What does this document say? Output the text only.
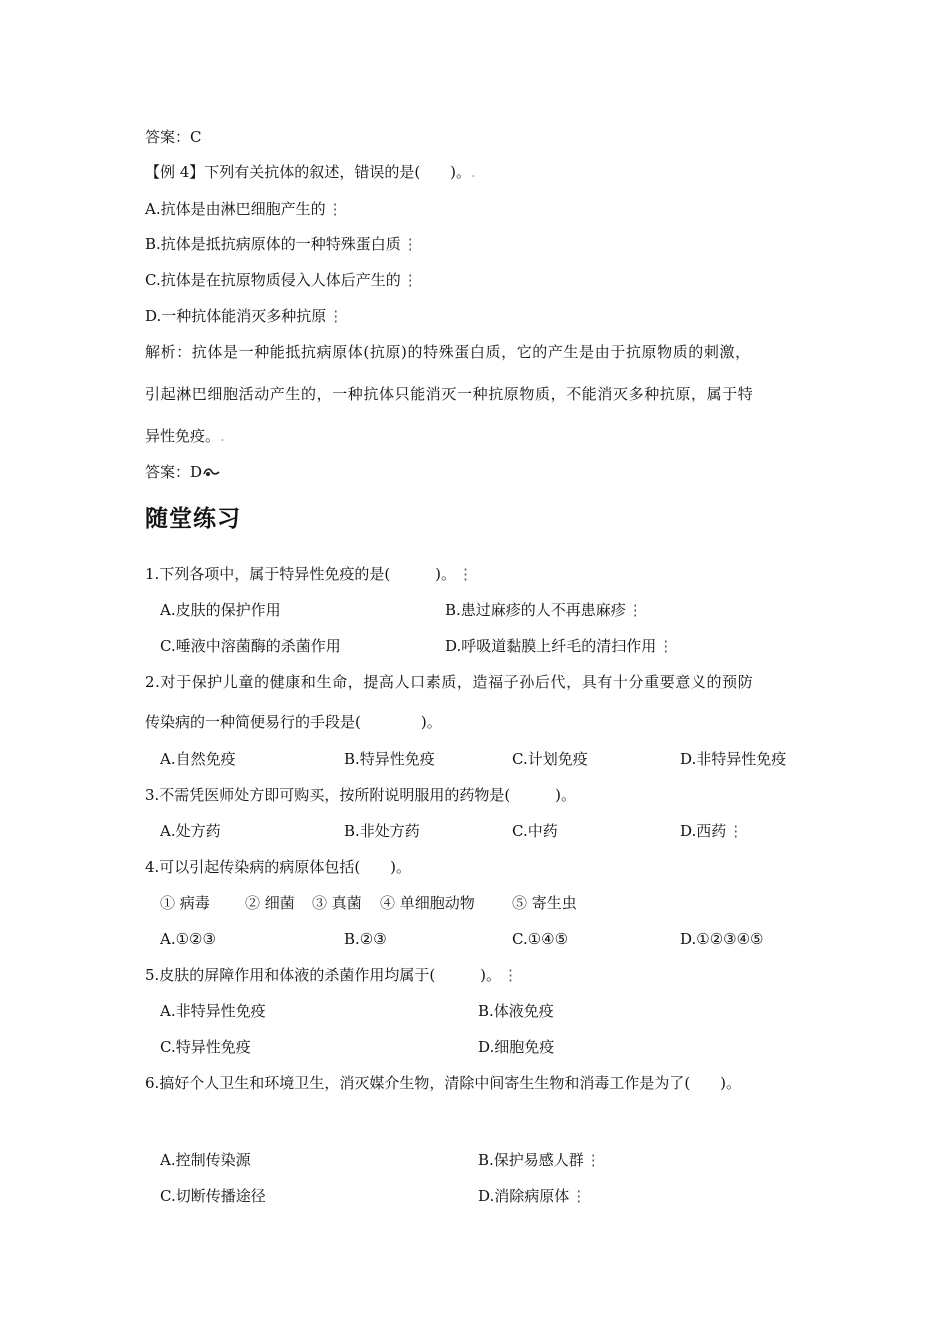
答案：C
【例 4】下列有关抗体的叙述，错误的是(　　)。.
A.抗体是由淋巴细胞产生的 ⋮
B.抗体是抵抗病原体的一种特殊蛋白质 ⋮
C.抗体是在抗原物质侵入人体后产生的 ⋮
D.一种抗体能消灭多种抗原 ⋮
解析：抗体是一种能抵抗病原体(抗原)的特殊蛋白质，它的产生是由于抗原物质的刺激，
引起淋巴细胞活动产生的，一种抗体只能消灭一种抗原物质，不能消灭多种抗原，属于特
异性免疫。.
答案：D
随堂练习
1.下列各项中，属于特异性免疫的是(　　　)。 ⋮
A.皮肤的保护作用	B.患过麻疹的人不再患麻疹 ⋮
C.唾液中溶菌酶的杀菌作用	D.呼吸道黏膜上纤毛的清扫作用 ⋮
2.对于保护儿童的健康和生命，提高人口素质，造福子孙后代，具有十分重要意义的预防
传染病的一种简便易行的手段是(　　　　)。
A.自然免疫	B.特异性免疫	C.计划免疫	D.非特异性免疫
3.不需凭医师处方即可购买，按所附说明服用的药物是(　　　)。
A.处方药	B.非处方药	C.中药	D.西药 ⋮
4.可以引起传染病的病原体包括(　　)。
① 病毒 ② 细菌 ③ 真菌 ④ 单细胞动物 ⑤ 寄生虫
A.①②③	B.②③	C.①④⑤	D.①②③④⑤
5.皮肤的屏障作用和体液的杀菌作用均属于(　　　)。 ⋮
A.非特异性免疫	B.体液免疫
C.特异性免疫	D.细胞免疫
6.搞好个人卫生和环境卫生，消灭媒介生物，清除中间寄生生物和消毒工作是为了(　　)。
A.控制传染源	B.保护易感人群 ⋮
C.切断传播途径	D.消除病原体 ⋮
